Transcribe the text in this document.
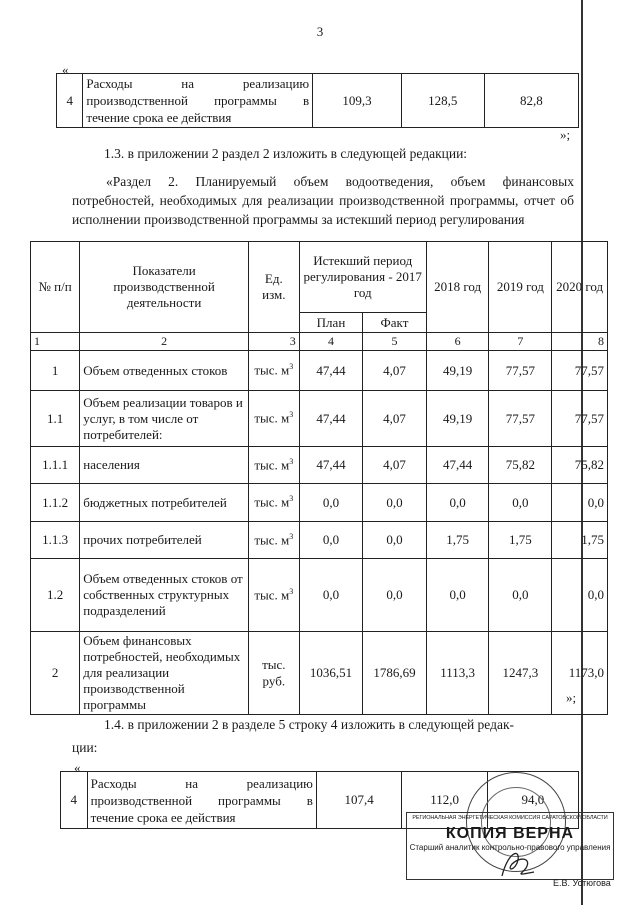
3
«
4	Расходы на реализацию производственной программы в течение срока ее действия	109,3	128,5	82,8
»;
1.3. в приложении 2 раздел 2 изложить в следующей редакции:
«Раздел 2. Планируемый объем водоотведения, объем финансовых потребностей, необходимых для реализации производственной программы, отчет об исполнении производственной программы за истекший период регулирования
№ п/п	Показатели производственной деятельности	Ед. изм.	Истекший период регулирования - 2017 год		2018 год	2019 год	2020 год
			План	Факт			
1	2	3	4	5	6	7	8
1	Объем отведенных стоков	тыс. $м^3$	47,44	4,07	49,19	77,57	77,57
1.1	Объем реализации товаров и услуг, в том числе от потребителей:	тыс. $м^3$	47,44	4,07	49,19	77,57	77,57
1.1.1	населения	тыс. $м^3$	47,44	4,07	47,44	75,82	75,82
1.1.2	бюджетных потребителей	тыс. $м^3$	0,0	0,0	0,0	0,0	0,0
1.1.3	прочих потребителей	тыс. $м^3$	0,0	0,0	1,75	1,75	1,75
1.2	Объем отведенных стоков от собственных структурных подразделений	тыс. $м^3$	0,0	0,0	0,0	0,0	0,0
2	Объем финансовых потребностей, необходимых для реализации производственной программы	тыс. руб.	1036,51	1786,69	1113,3	1247,3	1173,0
»;
1.4. в приложении 2 в разделе 5 строку 4 изложить в следующей редак-
ции:
«
4	Расходы на реализацию производственной программы в течение срока ее действия	107,4	112,0	94,0
РЕГИОНАЛЬНАЯ ЭНЕРГЕТИЧЕСКАЯ КОМИССИЯ САРАТОВСКОЙ ОБЛАСТИ
КОПИЯ ВЕРНА
Старший аналитик контрольно-правового управления
Е.В. Устюгова
